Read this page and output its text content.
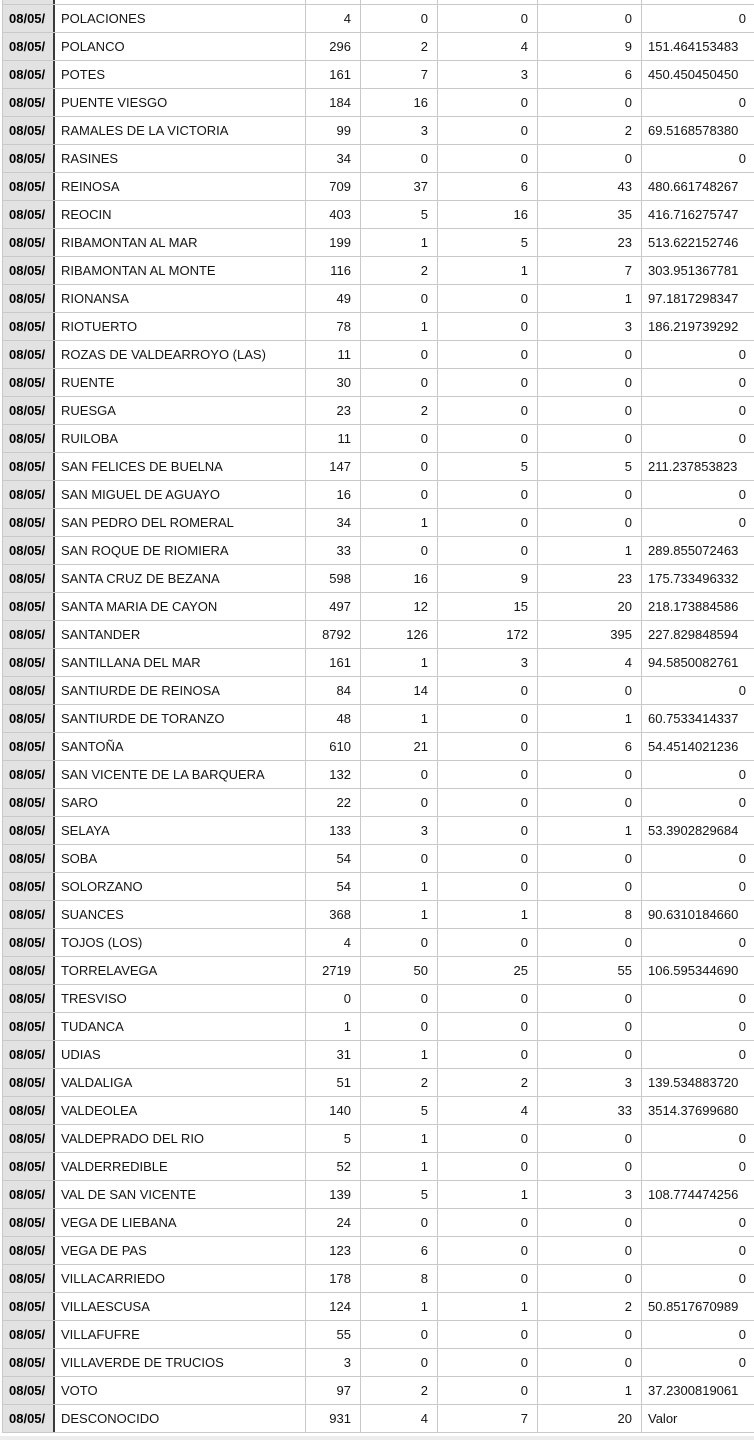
08/05/	POLACIONES	4	0	0	0	0
08/05/	POLANCO	296	2	4	9	151.464153483
08/05/	POTES	161	7	3	6	450.450450450
08/05/	PUENTE VIESGO	184	16	0	0	0
08/05/	RAMALES DE LA VICTORIA	99	3	0	2	69.5168578380
08/05/	RASINES	34	0	0	0	0
08/05/	REINOSA	709	37	6	43	480.661748267
08/05/	REOCIN	403	5	16	35	416.716275747
08/05/	RIBAMONTAN AL MAR	199	1	5	23	513.622152746
08/05/	RIBAMONTAN AL MONTE	116	2	1	7	303.951367781
08/05/	RIONANSA	49	0	0	1	97.1817298347
08/05/	RIOTUERTO	78	1	0	3	186.219739292
08/05/	ROZAS DE VALDEARROYO (LAS)	11	0	0	0	0
08/05/	RUENTE	30	0	0	0	0
08/05/	RUESGA	23	2	0	0	0
08/05/	RUILOBA	11	0	0	0	0
08/05/	SAN FELICES DE BUELNA	147	0	5	5	211.237853823
08/05/	SAN MIGUEL DE AGUAYO	16	0	0	0	0
08/05/	SAN PEDRO DEL ROMERAL	34	1	0	0	0
08/05/	SAN ROQUE DE RIOMIERA	33	0	0	1	289.855072463
08/05/	SANTA CRUZ DE BEZANA	598	16	9	23	175.733496332
08/05/	SANTA MARIA DE CAYON	497	12	15	20	218.173884586
08/05/	SANTANDER	8792	126	172	395	227.829848594
08/05/	SANTILLANA DEL MAR	161	1	3	4	94.5850082761
08/05/	SANTIURDE DE REINOSA	84	14	0	0	0
08/05/	SANTIURDE DE TORANZO	48	1	0	1	60.7533414337
08/05/	SANTOÑA	610	21	0	6	54.4514021236
08/05/	SAN VICENTE DE LA BARQUERA	132	0	0	0	0
08/05/	SARO	22	0	0	0	0
08/05/	SELAYA	133	3	0	1	53.3902829684
08/05/	SOBA	54	0	0	0	0
08/05/	SOLORZANO	54	1	0	0	0
08/05/	SUANCES	368	1	1	8	90.6310184660
08/05/	TOJOS (LOS)	4	0	0	0	0
08/05/	TORRELAVEGA	2719	50	25	55	106.595344690
08/05/	TRESVISO	0	0	0	0	0
08/05/	TUDANCA	1	0	0	0	0
08/05/	UDIAS	31	1	0	0	0
08/05/	VALDALIGA	51	2	2	3	139.534883720
08/05/	VALDEOLEA	140	5	4	33	3514.37699680
08/05/	VALDEPRADO DEL RIO	5	1	0	0	0
08/05/	VALDERREDIBLE	52	1	0	0	0
08/05/	VAL DE SAN VICENTE	139	5	1	3	108.774474256
08/05/	VEGA DE LIEBANA	24	0	0	0	0
08/05/	VEGA DE PAS	123	6	0	0	0
08/05/	VILLACARRIEDO	178	8	0	0	0
08/05/	VILLAESCUSA	124	1	1	2	50.8517670989
08/05/	VILLAFUFRE	55	0	0	0	0
08/05/	VILLAVERDE DE TRUCIOS	3	0	0	0	0
08/05/	VOTO	97	2	0	1	37.2300819061
08/05/	DESCONOCIDO	931	4	7	20	Valor
